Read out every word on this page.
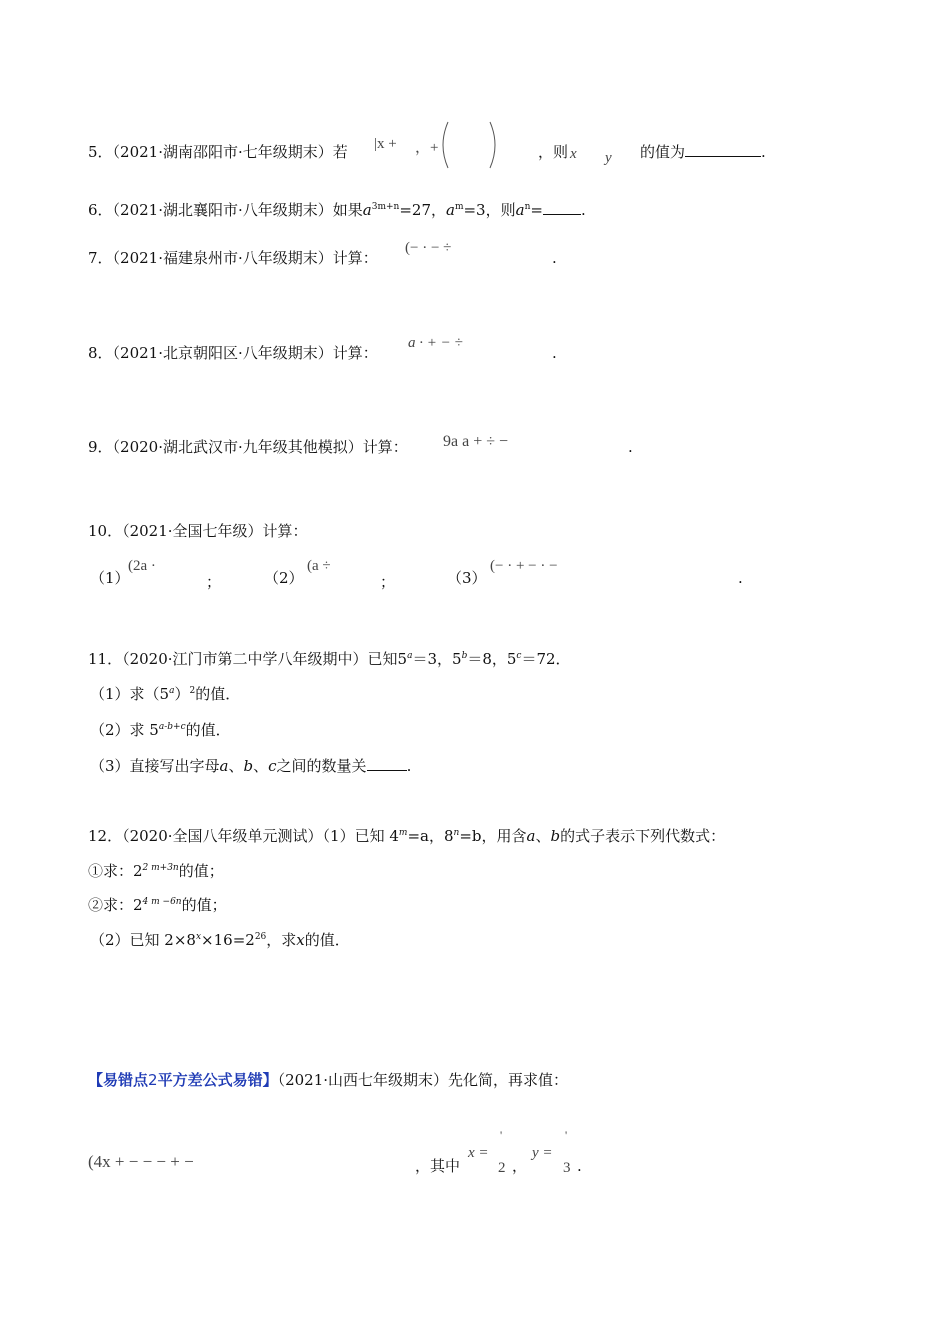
5．（2021·湖南邵阳市·七年级期末）若 |x + ，+	，则 x y 的值为	.
6．（2021·湖北襄阳市·八年级期末）如果$a^{3m+n}=27$，$a^m=3$，则$a^n=$	.
7．（2021·福建泉州市·八年级期末）计算：
(− · − ÷
.
8．（2021·北京朝阳区·八年级期末）计算：
a · + − ÷
.
9．（2020·湖北武汉市·九年级其他模拟）计算： 9a a + ÷ −	.
10．（2021·全国七年级）计算：
（1）
(2a ·
；	（2）
(a ÷
；	（3）
(− · + − · −
.
11．（2020·江门市第二中学八年级期中）已知$5^a=3$，$5^b=8$，$5^c=72$．
（1）求$(5^a)^2$的值．
（2）求 $5^{a-b+c}$的值．
（3）直接写出字母a、b、c之间的数量关	.
12．（2020·全国八年级单元测试）（1）已知 $4^m=a$，$8^n=b$，用含a、b的式子表示下列代数式：
①求：$2^{2 m+3n}$的值；
②求：$2^{4 m -6n}$的值；
（2）已知 $2\times 8^x\times 16=2^{26}$，求x的值．
【易错点2平方差公式易错】（2021·山西七年级期末）先化简，再求值：
(4x + − − − + −	，其中
x =
'
2 ，
y =
'
3 .
